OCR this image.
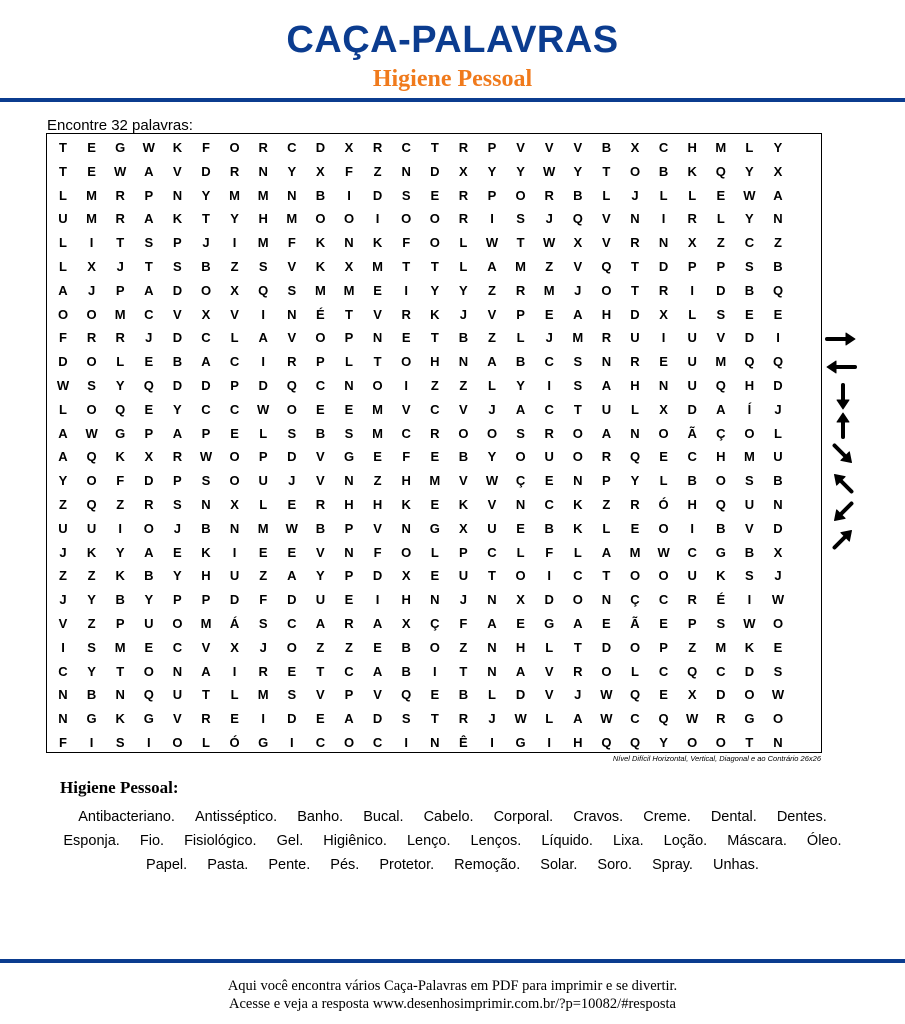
CAÇA-PALAVRAS
Higiene Pessoal
Encontre 32 palavras:
T	E	G	W	K	F	O	R	C	D	X	R	C	T	R	P	V	V	V	B	X	C	H	M	L	Y
T	E	W	A	V	D	R	N	Y	X	F	Z	N	D	X	Y	Y	W	Y	T	O	B	K	Q	Y	X
L	M	R	P	N	Y	M	M	N	B	I	D	S	E	R	P	O	R	B	L	J	L	L	E	W	A
U	M	R	A	K	T	Y	H	M	O	O	I	O	O	R	I	S	J	Q	V	N	I	R	L	Y	N
L	I	T	S	P	J	I	M	F	K	N	K	F	O	L	W	T	W	X	V	R	N	X	Z	C	Z
L	X	J	T	S	B	Z	S	V	K	X	M	T	T	L	A	M	Z	V	Q	T	D	P	P	S	B
A	J	P	A	D	O	X	Q	S	M	M	E	I	Y	Y	Z	R	M	J	O	T	R	I	D	B	Q
O	O	M	C	V	X	V	I	N	É	T	V	R	K	J	V	P	E	A	H	D	X	L	S	E	E
F	R	R	J	D	C	L	A	V	O	P	N	E	T	B	Z	L	J	M	R	U	I	U	V	D	I
D	O	L	E	B	A	C	I	R	P	L	T	O	H	N	A	B	C	S	N	R	E	U	M	Q	Q
W	S	Y	Q	D	D	P	D	Q	C	N	O	I	Z	Z	L	Y	I	S	A	H	N	U	Q	H	D
L	O	Q	E	Y	C	C	W	O	E	E	M	V	C	V	J	A	C	T	U	L	X	D	A	Í	J
A	W	G	P	A	P	E	L	S	B	S	M	C	R	O	O	S	R	O	A	N	O	Ã	Ç	O	L
A	Q	K	X	R	W	O	P	D	V	G	E	F	E	B	Y	O	U	O	R	Q	E	C	H	M	U
Y	O	F	D	P	S	O	U	J	V	N	Z	H	M	V	W	Ç	E	N	P	Y	L	B	O	S	B
Z	Q	Z	R	S	N	X	L	E	R	H	H	K	E	K	V	N	C	K	Z	R	Ó	H	Q	U	N
U	U	I	O	J	B	N	M	W	B	P	V	N	G	X	U	E	B	K	L	E	O	I	B	V	D
J	K	Y	A	E	K	I	E	E	V	N	F	O	L	P	C	L	F	L	A	M	W	C	G	B	X
Z	Z	K	B	Y	H	U	Z	A	Y	P	D	X	E	U	T	O	I	C	T	O	O	U	K	S	J
J	Y	B	Y	P	P	D	F	D	U	E	I	H	N	J	N	X	D	O	N	Ç	C	R	É	I	W
V	Z	P	U	O	M	Á	S	C	A	R	A	X	Ç	F	A	E	G	A	E	Ã	E	P	S	W	O
I	S	M	E	C	V	X	J	O	Z	Z	E	B	O	Z	N	H	L	T	D	O	P	Z	M	K	E
C	Y	T	O	N	A	I	R	E	T	C	A	B	I	T	N	A	V	R	O	L	C	Q	C	D	S
N	B	N	Q	U	T	L	M	S	V	P	V	Q	E	B	L	D	V	J	W	Q	E	X	D	O	W
N	G	K	G	V	R	E	I	D	E	A	D	S	T	R	J	W	L	A	W	C	Q	W	R	G	O
F	I	S	I	O	L	Ó	G	I	C	O	C	I	N	Ê	I	G	I	H	Q	Q	Y	O	O	T	N
Nível Difícil Horizontal, Vertical, Diagonal e ao Contrário 26x26
Higiene Pessoal:
Antibacteriano. Antisséptico. Banho. Bucal. Cabelo. Corporal. Cravos. Creme. Dental. Dentes. Esponja. Fio. Fisiológico. Gel. Higiênico. Lenço. Lenços. Líquido. Lixa. Loção. Máscara. Óleo. Papel. Pasta. Pente. Pés. Protetor. Remoção. Solar. Soro. Spray. Unhas.
Aqui você encontra vários Caça-Palavras em PDF para imprimir e se divertir.
Acesse e veja a resposta www.desenhosimprimir.com.br/?p=10082/#resposta
